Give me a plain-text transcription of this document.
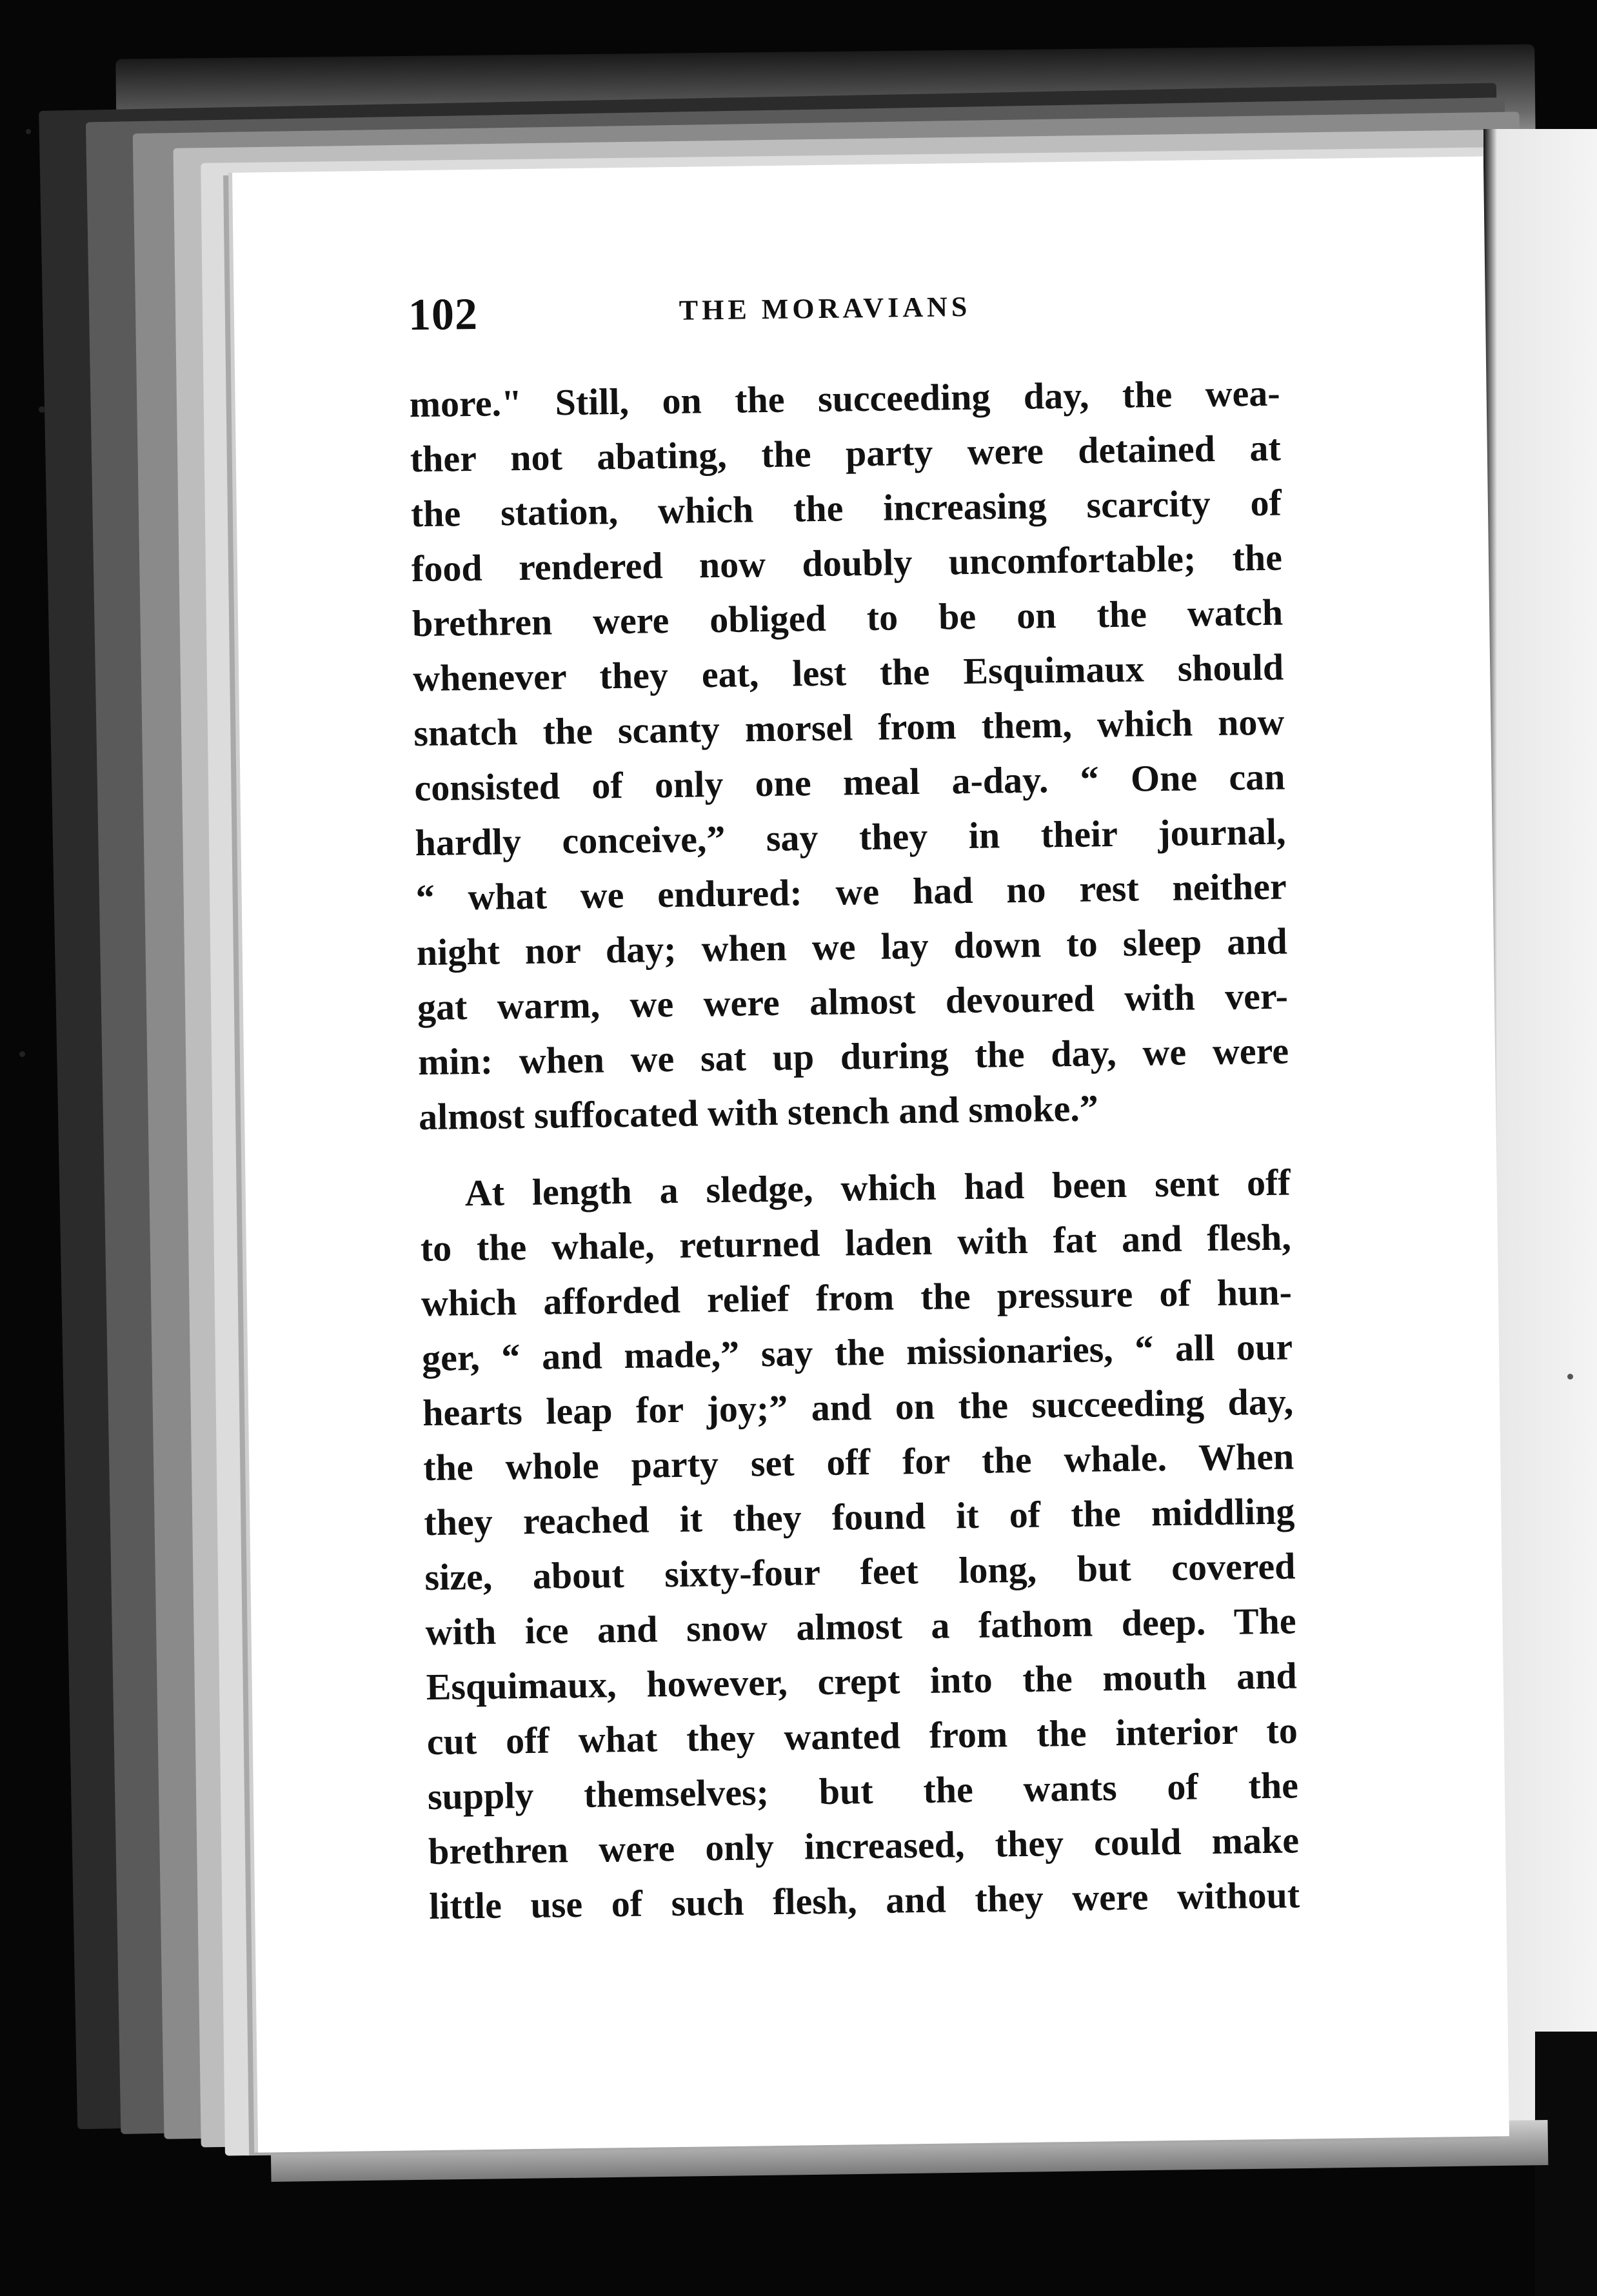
102	THE MORAVIANS
more." Still, on the succeeding day, the wea-
ther not abating, the party were detained at
the station, which the increasing scarcity of
food rendered now doubly uncomfortable; the
brethren were obliged to be on the watch
whenever they eat, lest the Esquimaux should
snatch the scanty morsel from them, which now
consisted of only one meal a-day. “ One can
hardly conceive,” say they in their journal,
“ what we endured: we had no rest neither
night nor day; when we lay down to sleep and
gat warm, we were almost devoured with ver-
min: when we sat up during the day, we were
almost suffocated with stench and smoke.”
At length a sledge, which had been sent off
to the whale, returned laden with fat and flesh,
which afforded relief from the pressure of hun-
ger, “ and made,” say the missionaries, “ all our
hearts leap for joy;” and on the succeeding day,
the whole party set off for the whale. When
they reached it they found it of the middling
size, about sixty-four feet long, but covered
with ice and snow almost a fathom deep. The
Esquimaux, however, crept into the mouth and
cut off what they wanted from the interior to
supply themselves; but the wants of the
brethren were only increased, they could make
little use of such flesh, and they were without
